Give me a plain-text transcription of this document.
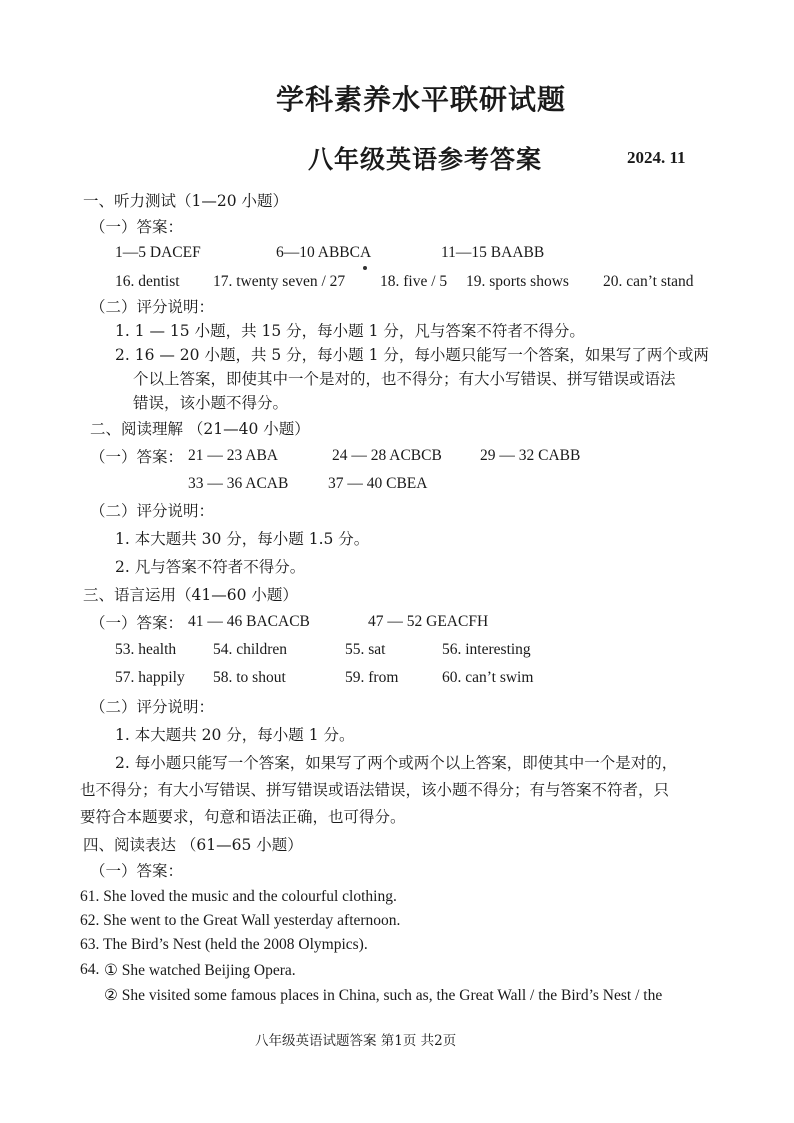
学科素养水平联研试题
八年级英语参考答案	2024. 11
一、听力测试（1—20 小题）
（一）答案：
1—5 DACEF	6—10 ABBCA	11—15 BAABB
16. dentist 17. twenty seven / 27 18. five / 5 19. sports shows 20. can’t stand
（二）评分说明：
1. 1 — 15 小题，共 15 分，每小题 1 分，凡与答案不符者不得分。
2. 16 — 20 小题，共 5 分，每小题 1 分，每小题只能写一个答案，如果写了两个或两
个以上答案，即使其中一个是对的，也不得分；有大小写错误、拼写错误或语法
错误，该小题不得分。
二、阅读理解 （21—40 小题）
（一）答案： 21 — 23 ABA	24 — 28 ACBCB 29 — 32 CABB
33 — 36 ACAB	37 — 40 CBEA
（二）评分说明：
1. 本大题共 30 分，每小题 1.5 分。
2. 凡与答案不符者不得分。
三、语言运用（41—60 小题）
（一）答案： 41 — 46 BACACB	47 — 52 GEACFH
53. health 54. children	55. sat	56. interesting
57. happily 58. to shout	59. from	60. can’t swim
（二）评分说明：
1. 本大题共 20 分，每小题 1 分。
2. 每小题只能写一个答案，如果写了两个或两个以上答案，即使其中一个是对的，
也不得分；有大小写错误、拼写错误或语法错误，该小题不得分；有与答案不符者，只
要符合本题要求，句意和语法正确，也可得分。
四、阅读表达 （61—65 小题）
（一）答案：
61. She loved the music and the colourful clothing.
62. She went to the Great Wall yesterday afternoon.
63. The Bird’s Nest (held the 2008 Olympics).
64. ① She watched Beijing Opera.
② She visited some famous places in China, such as, the Great Wall / the Bird’s Nest / the
八年级英语试题答案 第1页 共2页
